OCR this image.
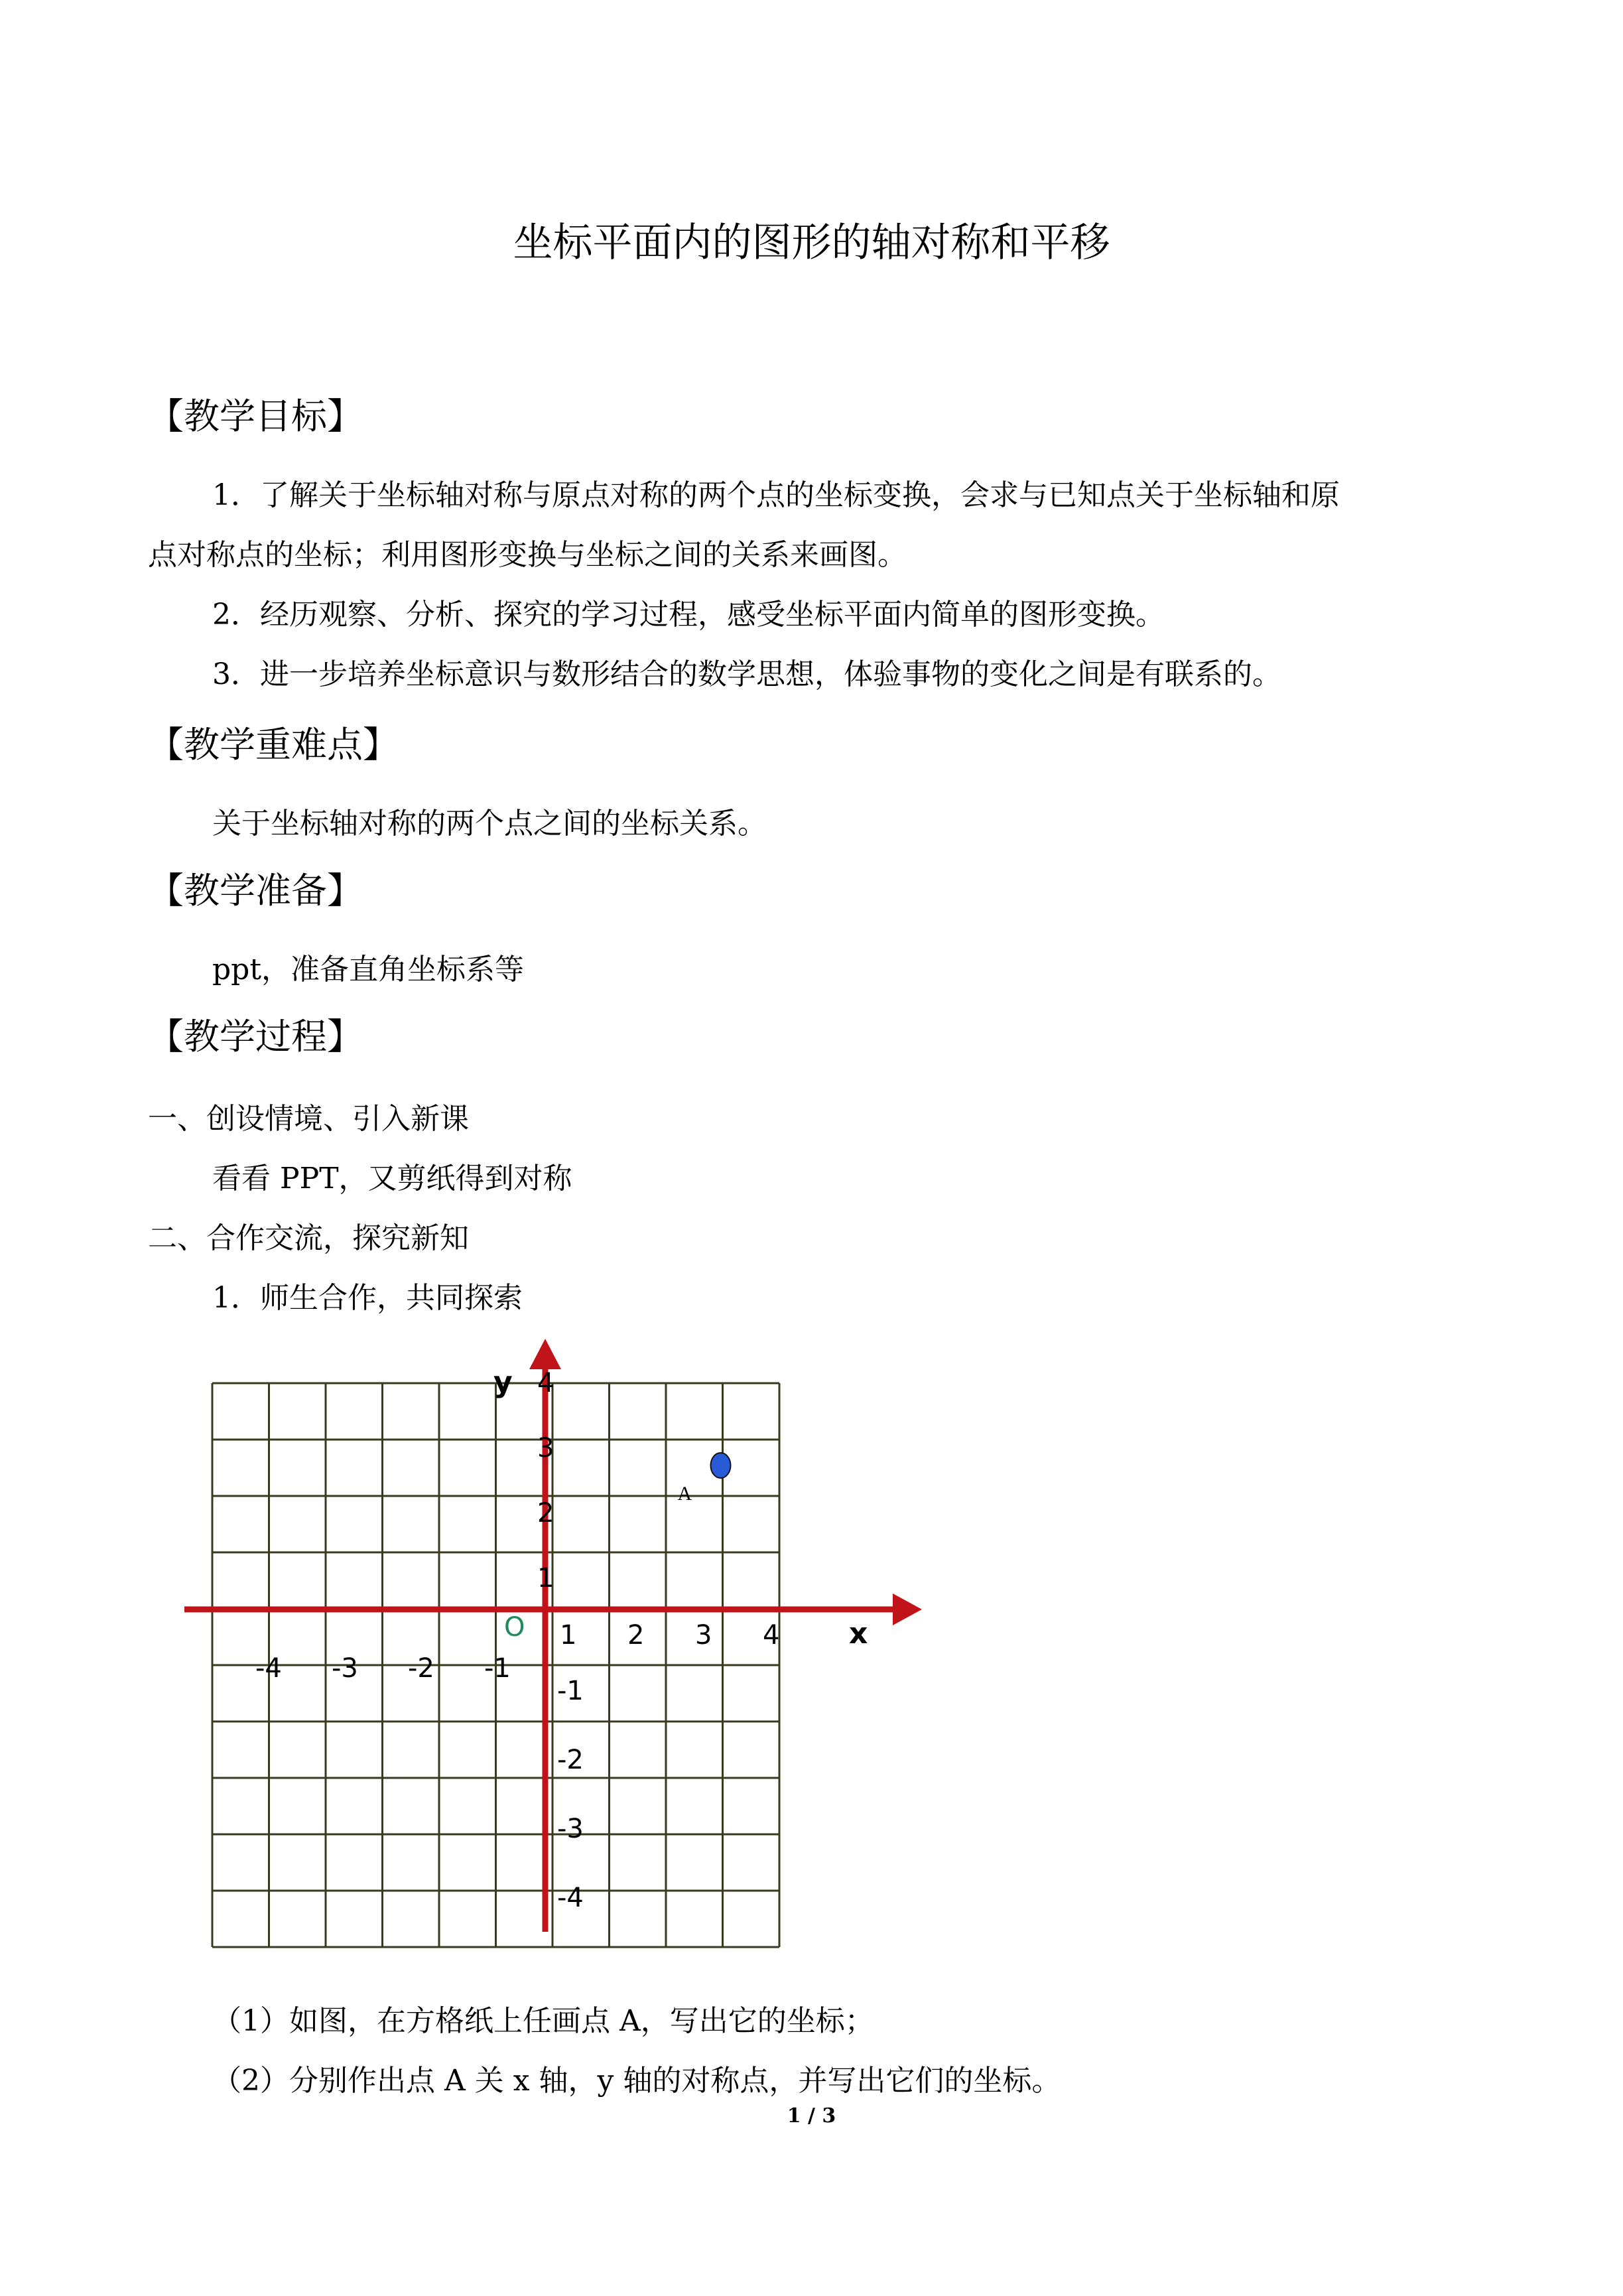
坐标平面内的图形的轴对称和平移
【教学目标】
1．了解关于坐标轴对称与原点对称的两个点的坐标变换，会求与已知点关于坐标轴和原
点对称点的坐标；利用图形变换与坐标之间的关系来画图。
2．经历观察、分析、探究的学习过程，感受坐标平面内简单的图形变换。
3．进一步培养坐标意识与数形结合的数学思想，体验事物的变化之间是有联系的。
【教学重难点】
关于坐标轴对称的两个点之间的坐标关系。
【教学准备】
ppt，准备直角坐标系等
【教学过程】
一、创设情境、引入新课
看看 PPT，又剪纸得到对称
二、合作交流，探究新知
1．师生合作，共同探索
1 2 3 4
-4 -3 -2 -1
4
3
2
1
-1
-2
-3
-4
x
y
O
A
（1）如图，在方格纸上任画点 A，写出它的坐标；
（2）分别作出点 A 关 x 轴，y 轴的对称点，并写出它们的坐标。
1 / 3
